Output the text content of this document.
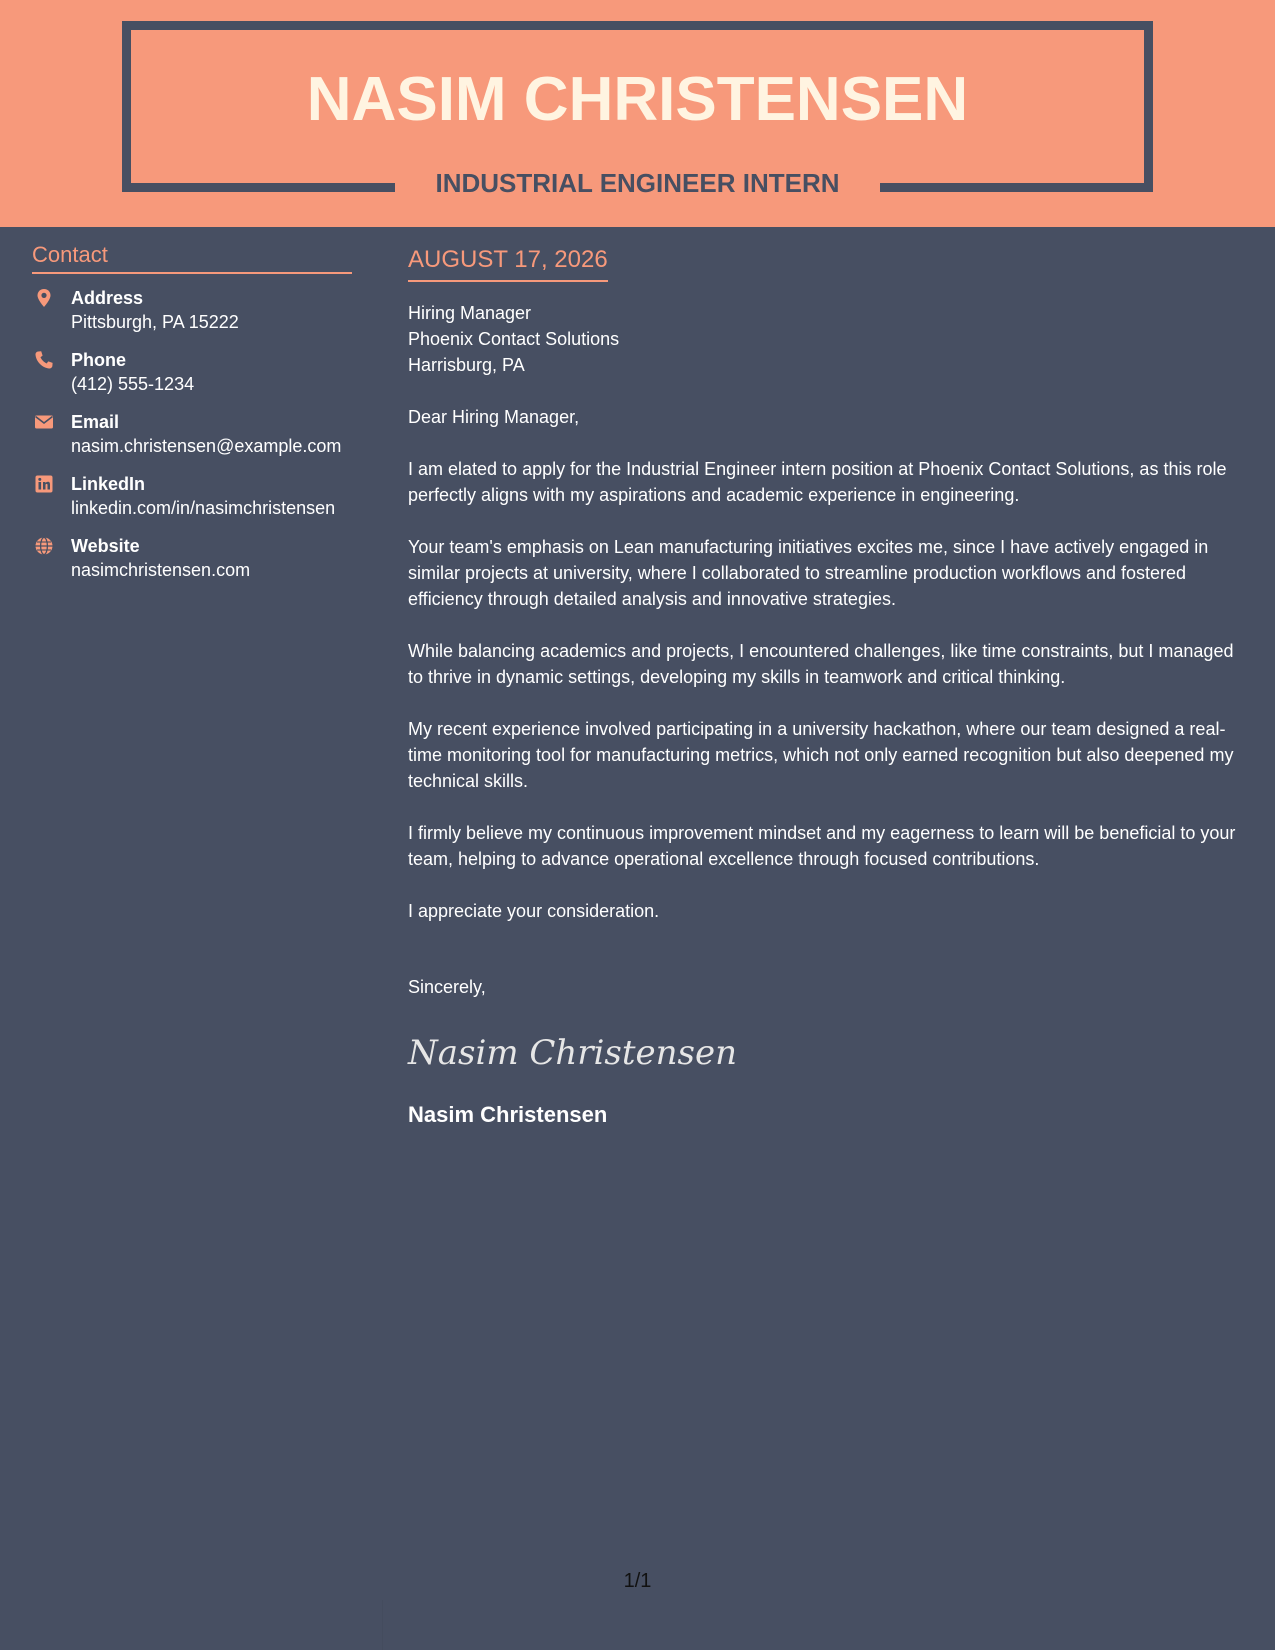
NASIM CHRISTENSEN
INDUSTRIAL ENGINEER INTERN
Contact
Address
Pittsburgh, PA 15222
Phone
(412) 555-1234
Email
nasim.christensen@example.com
LinkedIn
linkedin.com/in/nasimchristensen
Website
nasimchristensen.com
AUGUST 17, 2026
Hiring Manager
Phoenix Contact Solutions
Harrisburg, PA
Dear Hiring Manager,
I am elated to apply for the Industrial Engineer intern position at Phoenix Contact Solutions, as this role perfectly aligns with my aspirations and academic experience in engineering.
Your team's emphasis on Lean manufacturing initiatives excites me, since I have actively engaged in similar projects at university, where I collaborated to streamline production workflows and fostered efficiency through detailed analysis and innovative strategies.
While balancing academics and projects, I encountered challenges, like time constraints, but I managed to thrive in dynamic settings, developing my skills in teamwork and critical thinking.
My recent experience involved participating in a university hackathon, where our team designed a real-time monitoring tool for manufacturing metrics, which not only earned recognition but also deepened my technical skills.
I firmly believe my continuous improvement mindset and my eagerness to learn will be beneficial to your team, helping to advance operational excellence through focused contributions.
I appreciate your consideration.
Sincerely,
Nasim Christensen
Nasim Christensen
1/1
